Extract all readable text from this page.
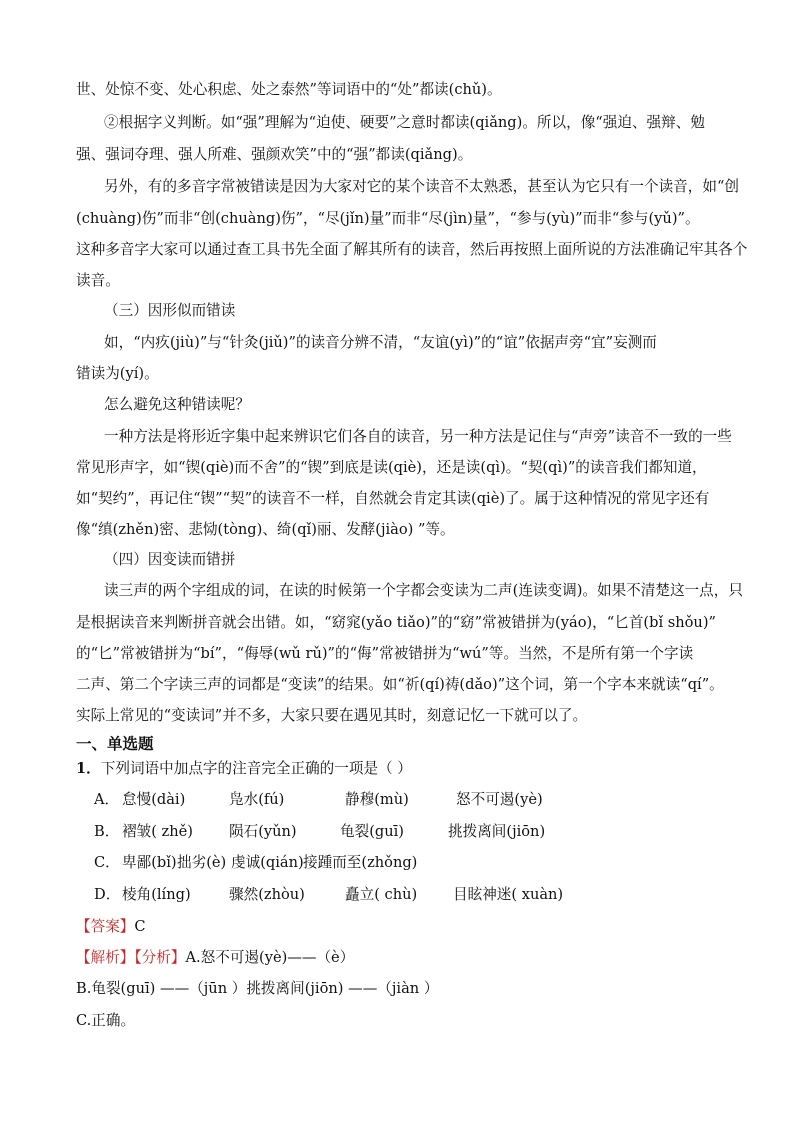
世、处惊不变、处心积虑、处之泰然”等词语中的“处”都读(chǔ)。
②根据字义判断。如“强”理解为“迫使、硬要”之意时都读(qiǎng)。所以，像“强迫、强辩、勉
强、强词夺理、强人所难、强颜欢笑”中的“强”都读(qiǎng)。
另外，有的多音字常被错读是因为大家对它的某个读音不太熟悉，甚至认为它只有一个读音，如“创
(chuàng)伤”而非“创(chuàng)伤”，“尽(jǐn)量”而非“尽(jìn)量”，“参与(yù)”而非“参与(yǔ)”。
这种多音字大家可以通过查工具书先全面了解其所有的读音，然后再按照上面所说的方法准确记牢其各个
读音。
（三）因形似而错读
如，“内疚(jiù)”与“针灸(jiǔ)”的读音分辨不清，“友谊(yì)”的“谊”依据声旁“宜”妄测而
错读为(yí)。
怎么避免这种错读呢？
一种方法是将形近字集中起来辨识它们各自的读音，另一种方法是记住与“声旁”读音不一致的一些
常见形声字，如“锲(qiè)而不舍”的“锲”到底是读(qiè)，还是读(qì)。“契(qì)”的读音我们都知道，
如“契约”，再记住“锲”“契”的读音不一样，自然就会肯定其读(qiè)了。属于这种情况的常见字还有
像“缜(zhěn)密、悲恸(tòng)、绮(qǐ)丽、发酵(jiào) ”等。
（四）因变读而错拼
读三声的两个字组成的词，在读的时候第一个字都会变读为二声(连读变调)。如果不清楚这一点，只
是根据读音来判断拼音就会出错。如，“窈窕(yǎo tiǎo)”的“窈”常被错拼为(yáo)，“匕首(bǐ shǒu)”
的“匕”常被错拼为“bí”，“侮辱(wǔ rǔ)”的“侮”常被错拼为“wú”等。当然，不是所有第一个字读
二声、第二个字读三声的词都是“变读”的结果。如“祈(qí)祷(dǎo)”这个词，第一个字本来就读“qí”。
实际上常见的“变读词”并不多，大家只要在遇见其时，刻意记忆一下就可以了。
一、单选题
1．下列词语中加点字的注音完全正确的一项是（ ）
A． 怠慢(dài)	凫水(fú)	静穆(mù)	怒不可遏(yè)
B． 褶皱( zhě) 陨石(yǔn)	龟裂(guī)	挑拨离间(jiōn)
C． 卑鄙(bǐ) 拙劣(è) 虔诚(qián) 接踵而至(zhǒng)
D． 棱角(líng)	骤然(zhòu)	矗立( chù) 目眩神迷( xuàn)
【答案】C
【解析】【分析】A.怒不可遏(yè)——（è）
B.龟裂(guī) ——（jūn ）挑拨离间(jiōn) ——（jiàn ）
C.正确。
